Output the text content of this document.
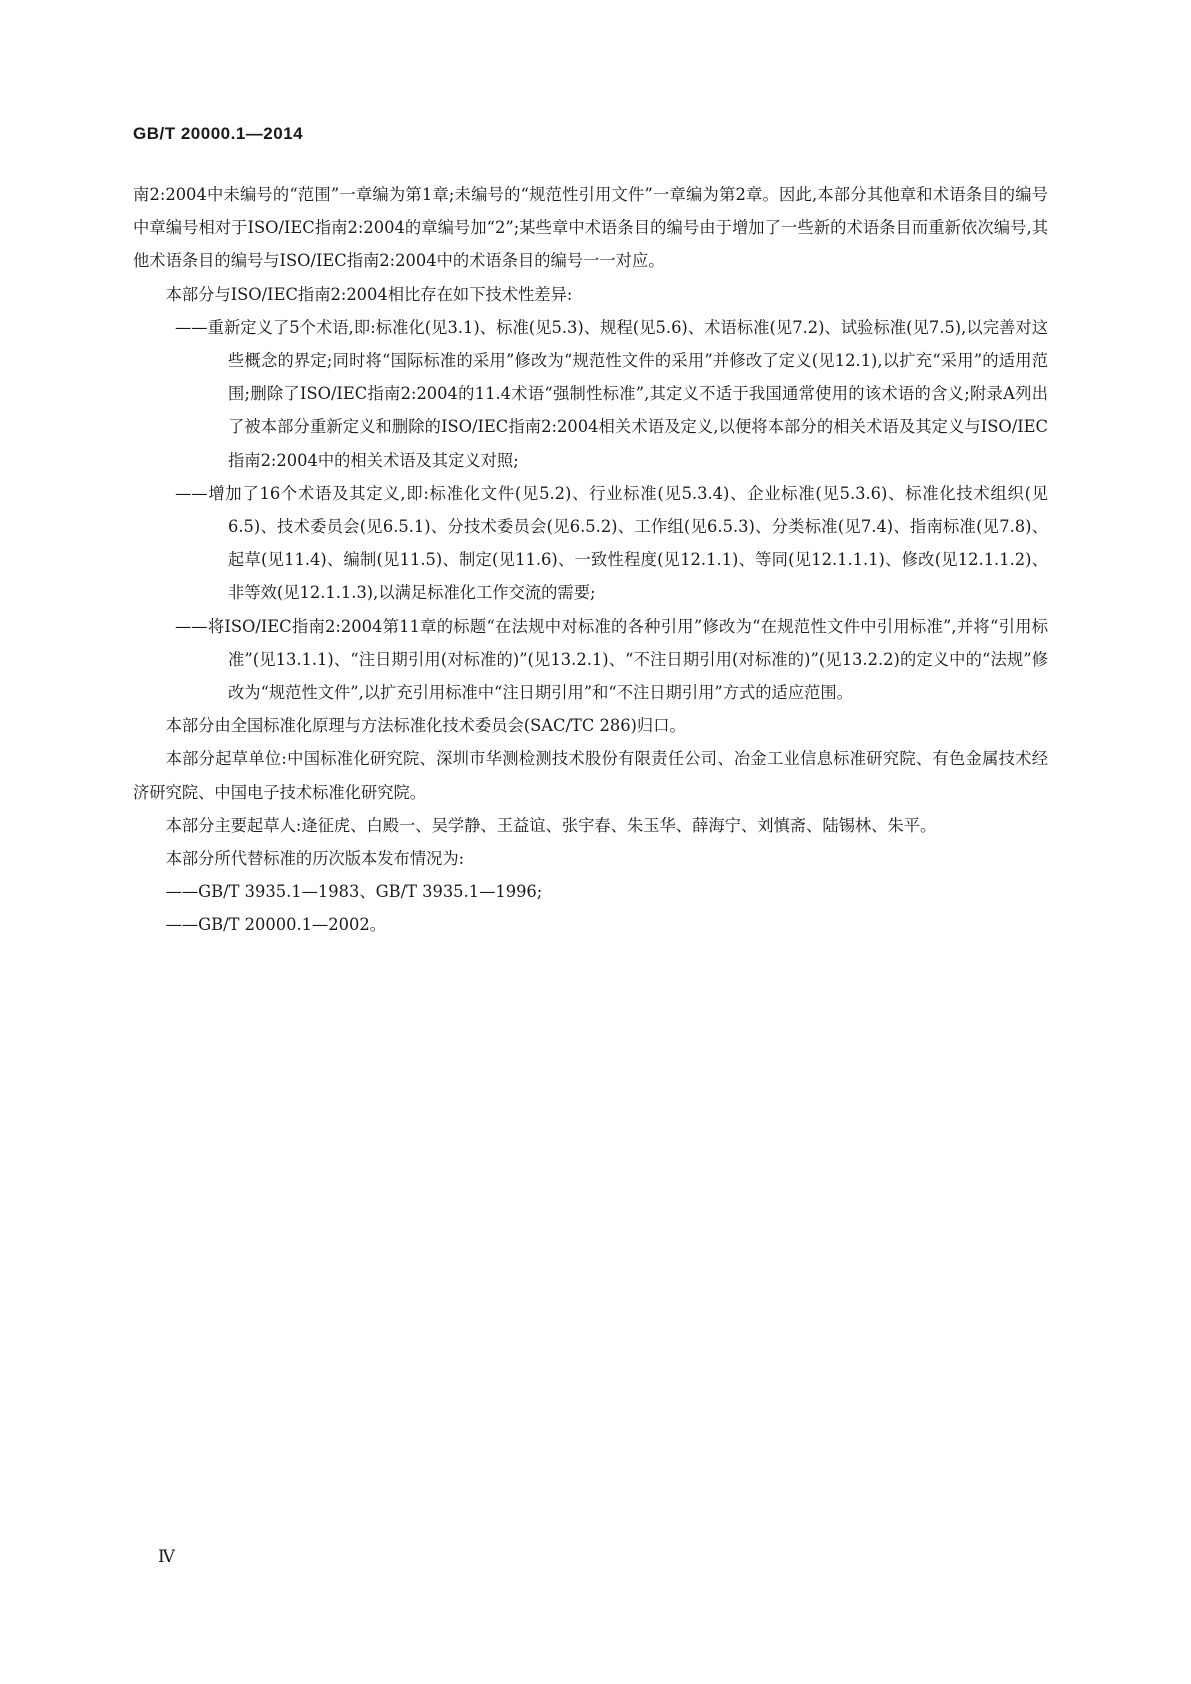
GB/T 20000.1—2014

南2:2004中未编号的“范围”一章编为第1章;未编号的“规范性引用文件”一章编为第2章。因此,本部分其他章和术语条目的编号中章编号相对于ISO/IEC指南2:2004的章编号加“2”;某些章中术语条目的编号由于增加了一些新的术语条目而重新依次编号,其他术语条目的编号与ISO/IEC指南2:2004中的术语条目的编号一一对应。

本部分与ISO/IEC指南2:2004相比存在如下技术性差异:

——重新定义了5个术语,即:标准化(见3.1)、标准(见5.3)、规程(见5.6)、术语标准(见7.2)、试验标准(见7.5),以完善对这些概念的界定;同时将“国际标准的采用”修改为“规范性文件的采用”并修改了定义(见12.1),以扩充“采用”的适用范围;删除了ISO/IEC指南2:2004的11.4术语“强制性标准”,其定义不适于我国通常使用的该术语的含义;附录A列出了被本部分重新定义和删除的ISO/IEC指南2:2004相关术语及定义,以便将本部分的相关术语及其定义与ISO/IEC指南2:2004中的相关术语及其定义对照;

——增加了16个术语及其定义,即:标准化文件(见5.2)、行业标准(见5.3.4)、企业标准(见5.3.6)、标准化技术组织(见6.5)、技术委员会(见6.5.1)、分技术委员会(见6.5.2)、工作组(见6.5.3)、分类标准(见7.4)、指南标准(见7.8)、起草(见11.4)、编制(见11.5)、制定(见11.6)、一致性程度(见12.1.1)、等同(见12.1.1.1)、修改(见12.1.1.2)、非等效(见12.1.1.3),以满足标准化工作交流的需要;

——将ISO/IEC指南2:2004第11章的标题“在法规中对标准的各种引用”修改为“在规范性文件中引用标准”,并将“引用标准”(见13.1.1)、“注日期引用(对标准的)”(见13.2.1)、“不注日期引用(对标准的)”(见13.2.2)的定义中的“法规”修改为“规范性文件”,以扩充引用标准中“注日期引用”和“不注日期引用”方式的适应范围。

本部分由全国标准化原理与方法标准化技术委员会(SAC/TC 286)归口。

本部分起草单位:中国标准化研究院、深圳市华测检测技术股份有限责任公司、冶金工业信息标准研究院、有色金属技术经济研究院、中国电子技术标准化研究院。

本部分主要起草人:逄征虎、白殿一、吴学静、王益谊、张宇春、朱玉华、薛海宁、刘慎斋、陆锡林、朱平。

本部分所代替标准的历次版本发布情况为:

——GB/T 3935.1—1983、GB/T 3935.1—1996;

——GB/T 20000.1—2002。

Ⅳ
